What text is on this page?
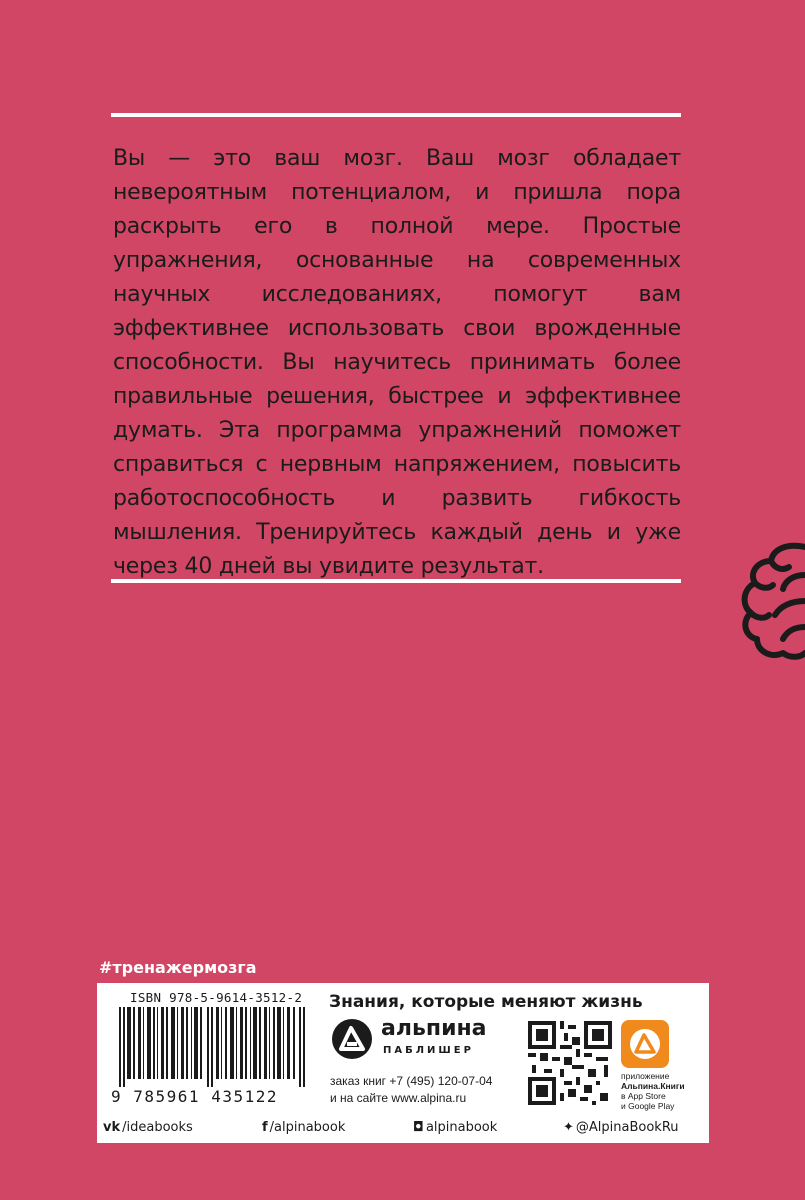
Вы — это ваш мозг. Ваш мозг обладает невероятным потенциалом, и пришла пора раскрыть его в полной мере. Простые упражнения, основанные на современных научных исследованиях, помогут вам эффективнее использовать свои врожденные способности. Вы научитесь принимать более правильные решения, быстрее и эффективнее думать. Эта программа упражнений поможет справиться с нервным напряжением, повысить работоспособность и развить гибкость мышления. Тренируйтесь каждый день и уже через 40 дней вы увидите результат.

#тренажермозга
ISBN 978-5-9614-3512-2
9 785961 435122
Знания, которые меняют жизнь
альпина
ПАБЛИШЕР
заказ книг +7 (495) 120-07-04
и на сайте www.alpina.ru
приложение
Альпина.Книги
в App Store
и Google Play
vk /ideabooks	f /alpinabook	◘ alpinabook	✦ @AlpinaBookRu
